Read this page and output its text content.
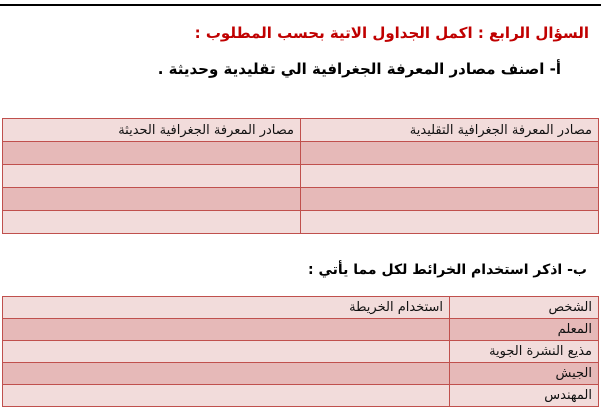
السؤال الرابع : اكمل الجداول الاتية بحسب المطلوب :
أ- اصنف مصادر المعرفة الجغرافية الي تقليدية وحديثة .
مصادر المعرفة الجغرافية التقليدية	مصادر المعرفة الجغرافية الحديثة

ب- اذكر استخدام الخرائط لكل مما يأتي :
الشخص	استخدام الخريطة
المعلم	
مذيع النشرة الجوية	
الجيش	
المهندس	
